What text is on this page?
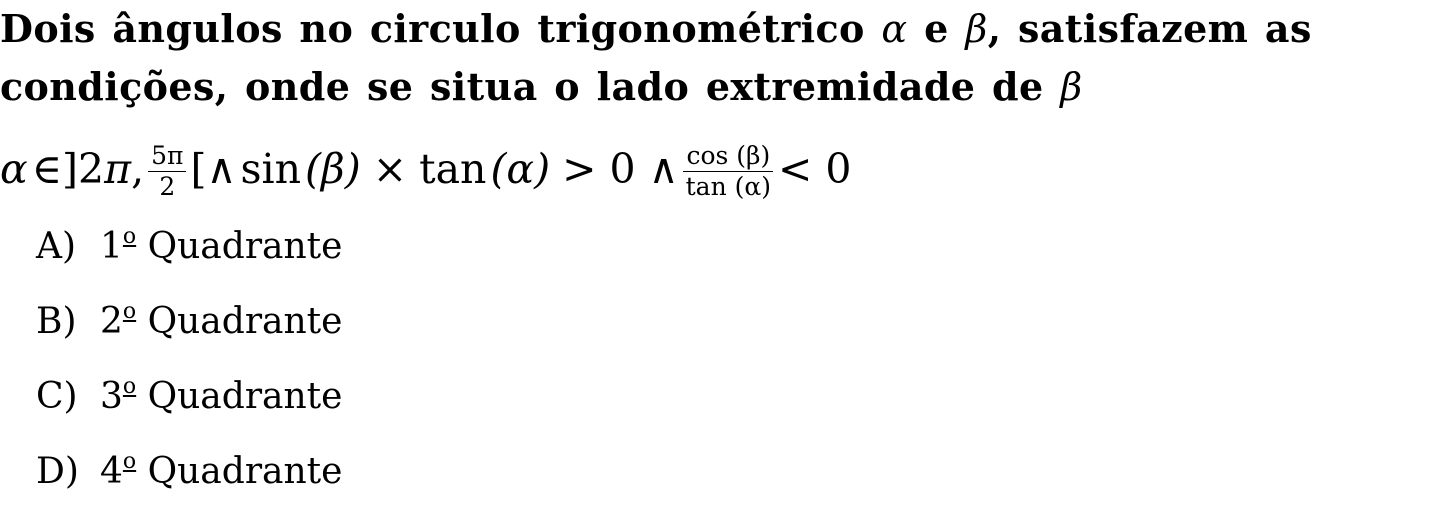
Dois ângulos no circulo trigonométrico α e β, satisfazem as
condições, onde se situa o lado extremidade de β
α ∈]2 π , $\frac{5\pi}{2}$ [∧ sin (β) × tan (α) > 0 ∧ $\frac{\cos (\beta)}{\tan (\alpha)} < 0$
A) 1$^o$ Quadrante
B) 2$^o$ Quadrante
C) 3$^o$ Quadrante
D) 4$^o$ Quadrante
